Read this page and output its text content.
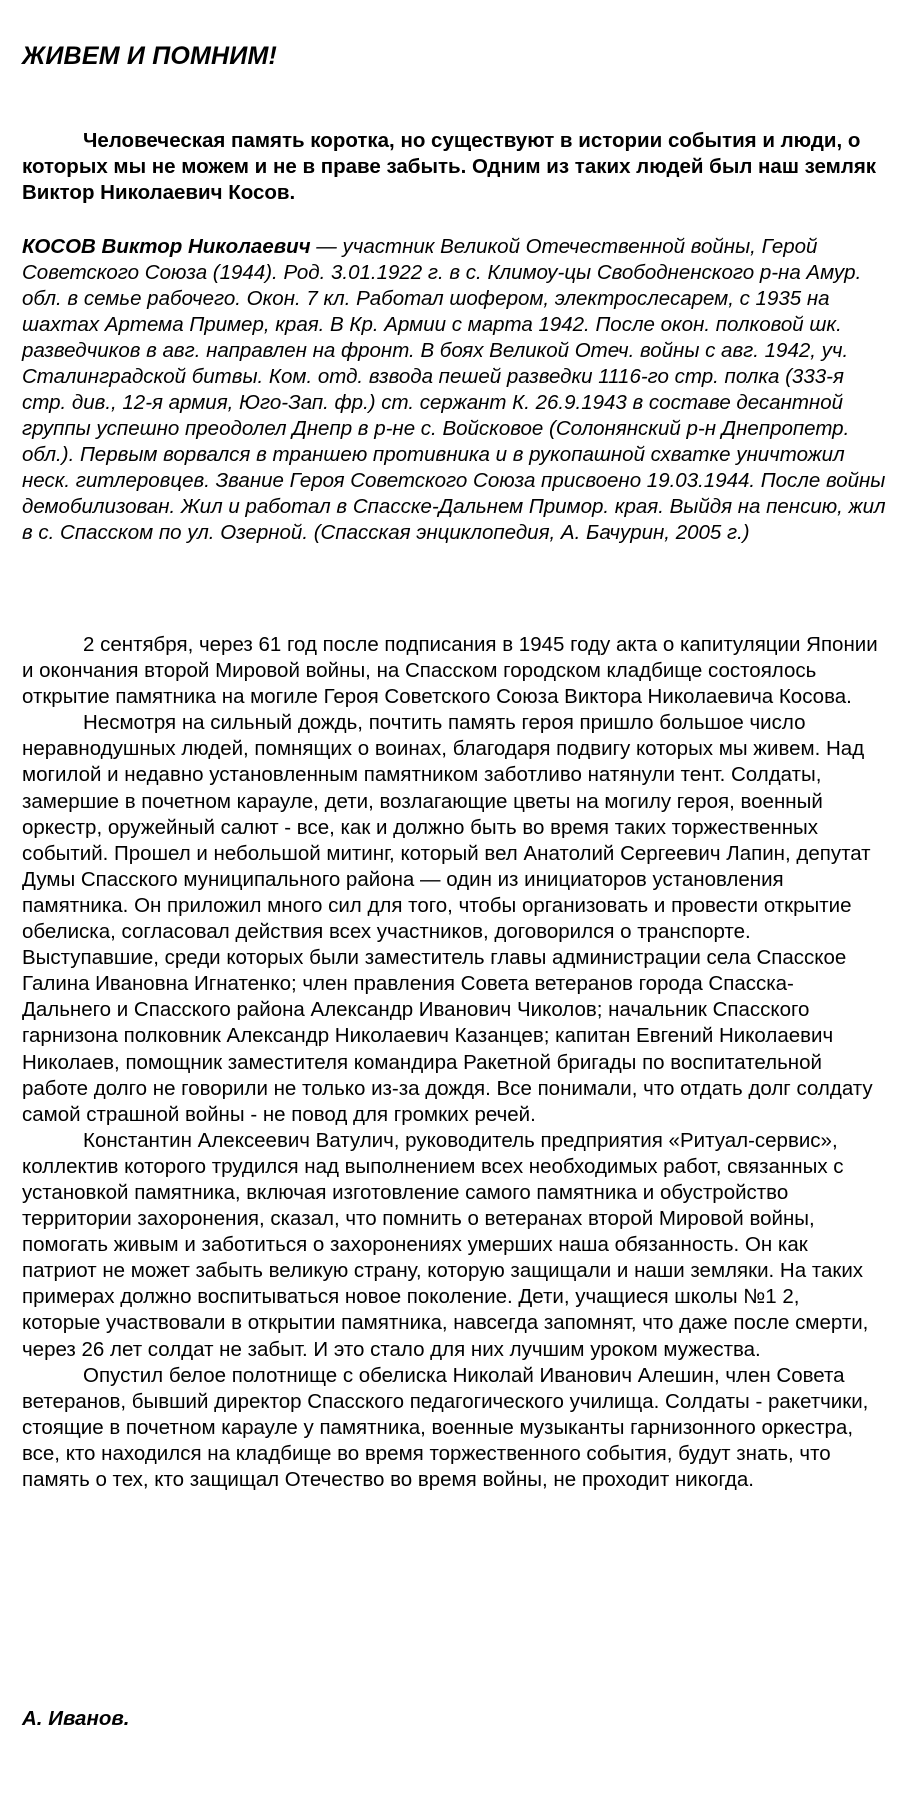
ЖИВЕМ И ПОМНИМ!

Человеческая память коротка, но существуют в истории события и люди, о которых мы не можем и не в праве забыть. Одним из таких людей был наш земляк Виктор Николаевич Косов.

КОСОВ Виктор Николаевич — участник Великой Отечественной войны, Герой Советского Союза (1944). Род. 3.01.1922 г. в с. Климоу-цы Свободненского р-на Амур. обл. в семье рабочего. Окон. 7 кл. Работал шофером, электрослесарем, с 1935 на шахтах Артема Пример, края. В Кр. Армии с марта 1942. После окон. полковой шк. разведчиков в авг. направлен на фронт. В боях Великой Отеч. войны с авг. 1942, уч. Сталинградской битвы. Ком. отд. взвода пешей разведки 1116-го стр. полка (333-я стр. див., 12-я армия, Юго-Зап. фр.) ст. сержант К. 26.9.1943 в составе десантной группы успешно преодолел Днепр в р-не с. Войсковое (Солонянский р-н Днепропетр. обл.). Первым ворвался в траншею противника и в рукопашной схватке уничтожил неск. гитлеровцев. Звание Героя Советского Союза присвоено 19.03.1944. После войны демобилизован. Жил и работал в Спасске-Дальнем Примор. края. Выйдя на пенсию, жил в с. Спасском по ул. Озерной. (Спасская энциклопедия, А. Бачурин, 2005 г.)

2 сентября, через 61 год после подписания в 1945 году акта о капитуляции Японии и окончания второй Мировой войны, на Спасском городском кладбище состоялось открытие памятника на могиле Героя Советского Союза Виктора Николаевича Косова.

Несмотря на сильный дождь, почтить память героя пришло большое число неравнодушных людей, помнящих о воинах, благодаря подвигу которых мы живем. Над могилой и недавно установленным памятником заботливо натянули тент. Солдаты, замершие в почетном карауле, дети, возлагающие цветы на могилу героя, военный оркестр, оружейный салют - все, как и должно быть во время таких торжественных событий. Прошел и небольшой митинг, который вел Анатолий Сергеевич Лапин, депутат Думы Спасского муниципального района — один из инициаторов установления памятника. Он приложил много сил для того, чтобы организовать и провести открытие обелиска, согласовал действия всех участников, договорился о транспорте. Выступавшие, среди которых были заместитель главы администрации села Спасское Галина Ивановна Игнатенко; член правления Совета ветеранов города Спасска-Дальнего и Спасского района Александр Иванович Чиколов; начальник Спасского гарнизона полковник Александр Николаевич Казанцев; капитан Евгений Николаевич Николаев, помощник заместителя командира Ракетной бригады по воспитательной работе долго не говорили не только из-за дождя. Все понимали, что отдать долг солдату самой страшной войны - не повод для громких речей.

Константин Алексеевич Ватулич, руководитель предприятия «Ритуал-сервис», коллектив которого трудился над выполнением всех необходимых работ, связанных с установкой памятника, включая изготовление самого памятника и обустройство территории захоронения, сказал, что помнить о ветеранах второй Мировой войны, помогать живым и заботиться о захоронениях умерших наша обязанность. Он как патриот не может забыть великую страну, которую защищали и наши земляки. На таких примерах должно воспитываться новое поколение. Дети, учащиеся школы №1 2, которые участвовали в открытии памятника, навсегда запомнят, что даже после смерти, через 26 лет солдат не забыт. И это стало для них лучшим уроком мужества.

Опустил белое полотнище с обелиска Николай Иванович Алешин, член Совета ветеранов, бывший директор Спасского педагогического училища. Солдаты - ракетчики, стоящие в почетном карауле у памятника, военные музыканты гарнизонного оркестра, все, кто находился на кладбище во время торжественного события, будут знать, что память о тех, кто защищал Отечество во время войны, не проходит никогда.

А. Иванов.
